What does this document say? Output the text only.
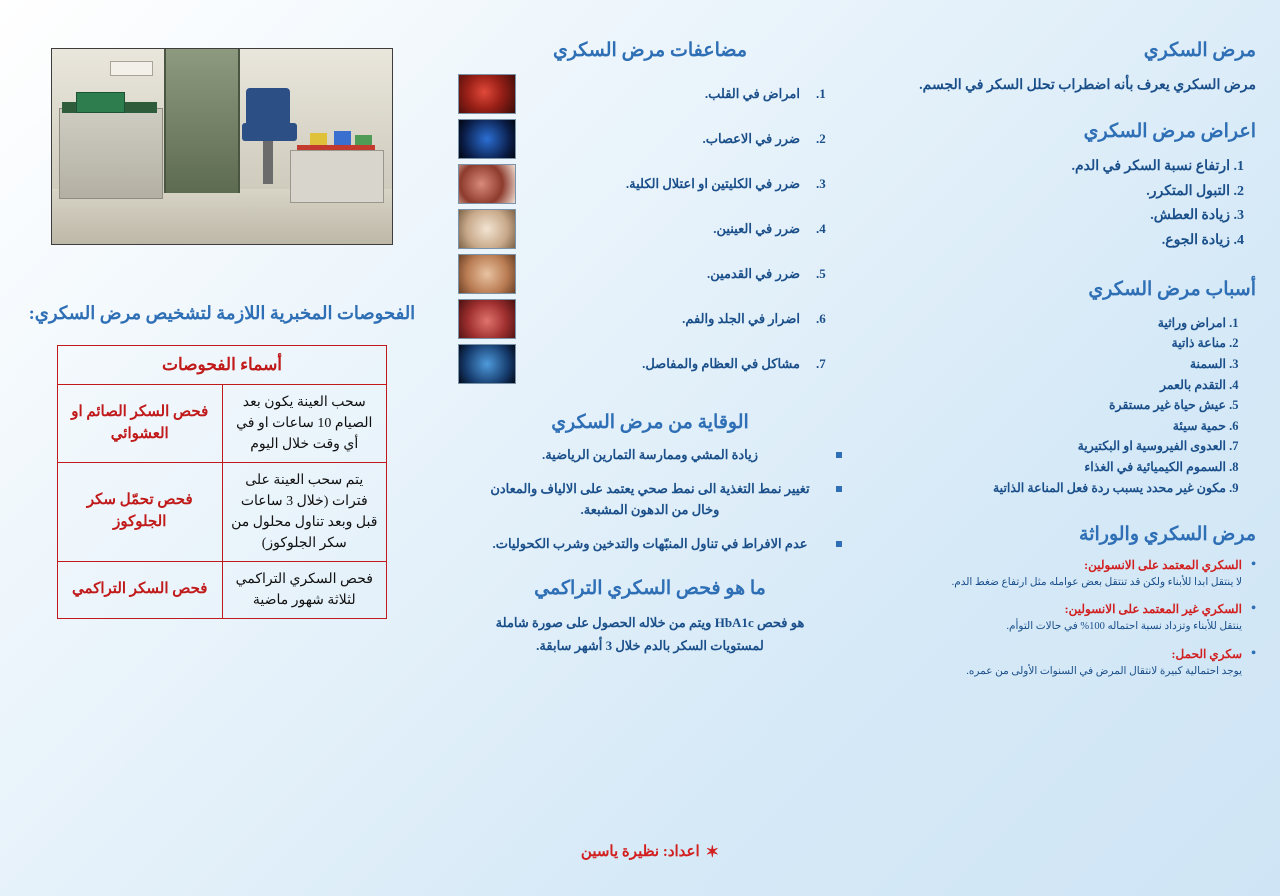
مرض السكري

مرض السكري يعرف بأنه اضطراب تحلل السكر في الجسم.

اعراض مرض السكري
1. ارتفاع نسبة السكر في الدم.
2. التبول المتكرر.
3. زيادة العطش.
4. زيادة الجوع.
أسباب مرض السكري
1. امراض وراثية
2. مناعة ذاتية
3. السمنة
4. التقدم بالعمر
5. عيش حياة غير مستقرة
6. حمية سيئة
7. العدوى الفيروسية او البكتيرية
8. السموم الكيميائية في الغذاء
9. مكون غير محدد يسبب ردة فعل المناعة الذاتية
مرض السكري والوراثة

• السكري المعتمد على الانسولين:

لا ينتقل ابدا للأبناء ولكن قد تنتقل بعض عوامله مثل ارتفاع ضغط الدم.

• السكري غير المعتمد على الانسولين:

ينتقل للأبناء وتزداد نسبة احتماله 100% في حالات التوأم.

• سكري الحمل:

يوجد احتمالية كبيرة لانتقال المرض في السنوات الأولى من عمره.

مضاعفات مرض السكري
1.
امراض في القلب.
2.
ضرر في الاعصاب.
3.
ضرر في الكليتين او اعتلال الكلية.
4.
ضرر في العينين.
5.
ضرر في القدمين.
6.
اضرار في الجلد والفم.
7.
مشاكل في العظام والمفاصل.
الوقاية من مرض السكري
زيادة المشي وممارسة التمارين الرياضية.
تغيير نمط التغذية الى نمط صحي يعتمد على الالياف والمعادن وخال من الدهون المشبعة.
عدم الافراط في تناول المنبّهات والتدخين وشرب الكحوليات.
ما هو فحص السكري التراكمي

هو فحص HbA1c ويتم من خلاله الحصول على صورة شاملة لمستويات السكر بالدم خلال 3 أشهر سابقة.

✶اعداد: نظيرة ياسين
الفحوصات المخبرية اللازمة لتشخيص مرض السكري:
أسماء الفحوصات	
سحب العينة يكون بعد الصيام 10 ساعات او في أي وقت خلال اليوم	فحص السكر الصائم او العشوائي
يتم سحب العينة على فترات (خلال 3 ساعات قبل وبعد تناول محلول من سكر الجلوكوز)	فحص تحمّل سكر الجلوكوز
فحص السكري التراكمي لثلاثة شهور ماضية	فحص السكر التراكمي
